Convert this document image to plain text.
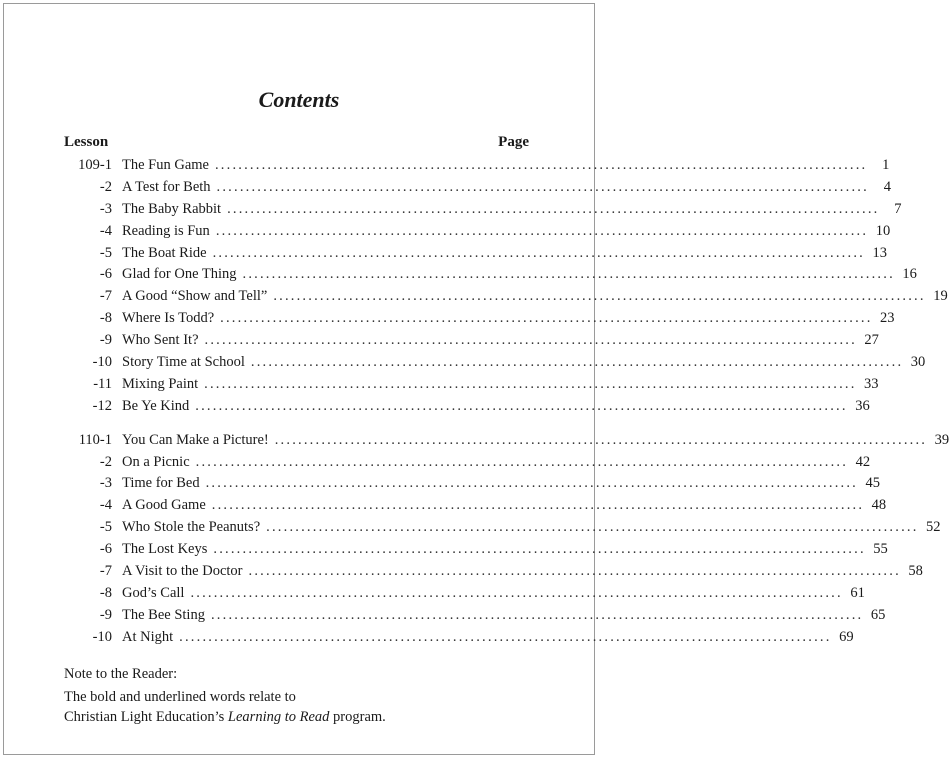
Contents
Lesson	Page
109-1 The Fun Game ................................................................................................................	1
-2 A Test for Beth ................................................................................................................	4
-3 The Baby Rabbit ................................................................................................................	7
-4 Reading is Fun ................................................................................................................ 10
-5 The Boat Ride ................................................................................................................ 13
-6 Glad for One Thing ................................................................................................................ 16
-7 A Good “Show and Tell” ................................................................................................................ 19
-8 Where Is Todd? ................................................................................................................ 23
-9 Who Sent It? ................................................................................................................ 27
-10 Story Time at School ................................................................................................................ 30
-11 Mixing Paint ................................................................................................................ 33
-12 Be Ye Kind ................................................................................................................ 36
110-1 You Can Make a Picture! ................................................................................................................ 39
-2 On a Picnic ................................................................................................................ 42
-3 Time for Bed ................................................................................................................ 45
-4 A Good Game ................................................................................................................ 48
-5 Who Stole the Peanuts? ................................................................................................................ 52
-6 The Lost Keys ................................................................................................................ 55
-7 A Visit to the Doctor ................................................................................................................ 58
-8 God’s Call ................................................................................................................ 61
-9 The Bee Sting ................................................................................................................ 65
-10 At Night ................................................................................................................ 69
Note to the Reader:
The bold and underlined words relate to
Christian Light Education’s Learning to Read program.
